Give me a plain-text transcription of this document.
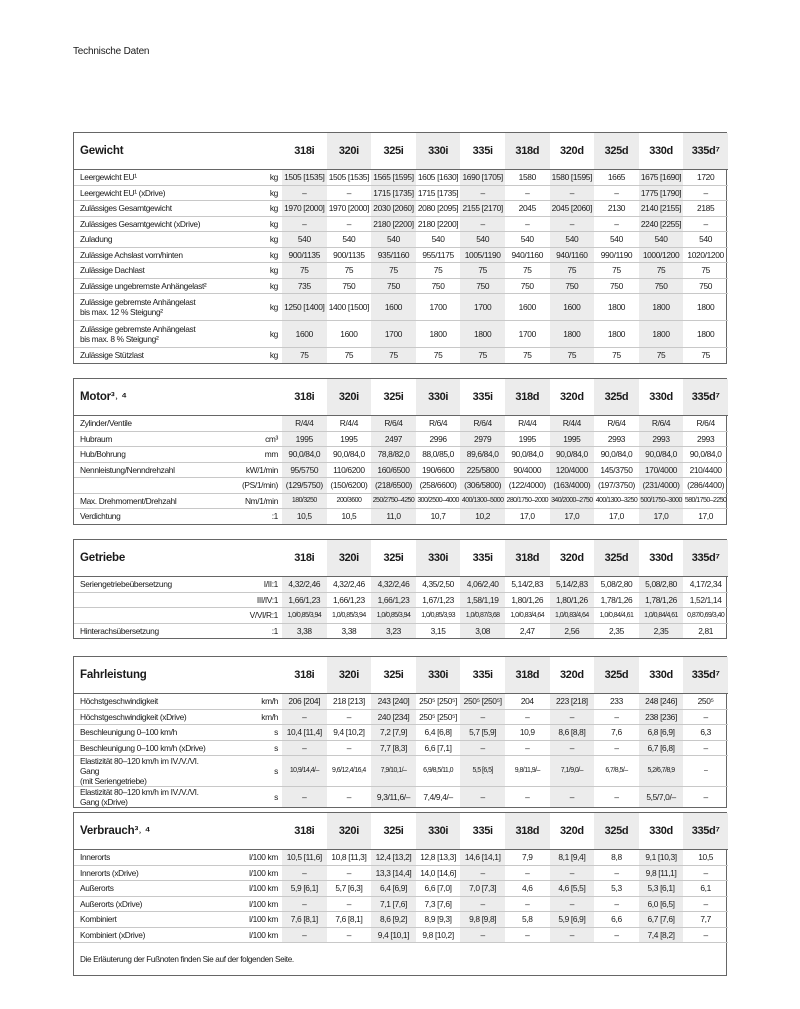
Technische Daten
Gewicht		318i	320i	325i	330i	335i	318d	320d	325d	330d	335d⁷
Leergewicht EU¹	kg	1505 [1535]	1505 [1535]	1565 [1595]	1605 [1630]	1690 [1705]	1580	1580 [1595]	1665	1675 [1690]	1720
Leergewicht EU¹ (xDrive)	kg	–	–	1715 [1735]	1715 [1735]	–	–	–	–	1775 [1790]	–
Zulässiges Gesamtgewicht	kg	1970 [2000]	1970 [2000]	2030 [2060]	2080 [2095]	2155 [2170]	2045	2045 [2060]	2130	2140 [2155]	2185
Zulässiges Gesamtgewicht (xDrive)	kg	–	–	2180 [2200]	2180 [2200]	–	–	–	–	2240 [2255]	–
Zuladung	kg	540	540	540	540	540	540	540	540	540	540
Zulässige Achslast vorn/hinten	kg	900/1135	900/1135	935/1160	955/1175	1005/1190	940/1160	940/1160	990/1190	1000/1200	1020/1200
Zulässige Dachlast	kg	75	75	75	75	75	75	75	75	75	75
Zulässige ungebremste Anhängelast²	kg	735	750	750	750	750	750	750	750	750	750
Zulässige gebremste Anhängelast
bis max. 12 % Steigung²	kg	1250 [1400]	1400 [1500]	1600	1700	1700	1600	1600	1800	1800	1800
Zulässige gebremste Anhängelast
bis max. 8 % Steigung²	kg	1600	1600	1700	1800	1800	1700	1800	1800	1800	1800
Zulässige Stützlast	kg	75	75	75	75	75	75	75	75	75	75
Motor³˒ ⁴		318i	320i	325i	330i	335i	318d	320d	325d	330d	335d⁷
Zylinder/Ventile		R/4/4	R/4/4	R/6/4	R/6/4	R/6/4	R/4/4	R/4/4	R/6/4	R/6/4	R/6/4
Hubraum	cm³	1995	1995	2497	2996	2979	1995	1995	2993	2993	2993
Hub/Bohrung	mm	90,0/84,0	90,0/84,0	78,8/82,0	88,0/85,0	89,6/84,0	90,0/84,0	90,0/84,0	90,0/84,0	90,0/84,0	90,0/84,0
Nennleistung/Nenndrehzahl	kW/1/min	95/5750	110/6200	160/6500	190/6600	225/5800	90/4000	120/4000	145/3750	170/4000	210/4400
	(PS/1/min)	(129/5750)	(150/6200)	(218/6500)	(258/6600)	(306/5800)	(122/4000)	(163/4000)	(197/3750)	(231/4000)	(286/4400)
Max. Drehmoment/Drehzahl	Nm/1/min	180/3250	200/3600	250/2750–4250	300/2500–4000	400/1300–5000	280/1750–2000	340/2000–2750	400/1300–3250	500/1750–3000	580/1750–2250
Verdichtung	:1	10,5	10,5	11,0	10,7	10,2	17,0	17,0	17,0	17,0	17,0
Getriebe		318i	320i	325i	330i	335i	318d	320d	325d	330d	335d⁷
Seriengetriebeübersetzung	I/II:1	4,32/2,46	4,32/2,46	4,32/2,46	4,35/2,50	4,06/2,40	5,14/2,83	5,14/2,83	5,08/2,80	5,08/2,80	4,17/2,34
	III/IV:1	1,66/1,23	1,66/1,23	1,66/1,23	1,67/1,23	1,58/1,19	1,80/1,26	1,80/1,26	1,78/1,26	1,78/1,26	1,52/1,14
	V/VI/R:1	1,0/0,85/3,94	1,0/0,85/3,94	1,0/0,85/3,94	1,0/0,85/3,93	1,0/0,87/3,68	1,0/0,83/4,64	1,0/0,83/4,64	1,0/0,84/4,61	1,0/0,84/4,61	0,87/0,69/3,40
Hinterachsübersetzung	:1	3,38	3,38	3,23	3,15	3,08	2,47	2,56	2,35	2,35	2,81
Fahrleistung		318i	320i	325i	330i	335i	318d	320d	325d	330d	335d⁷
Höchstgeschwindigkeit	km/h	206 [204]	218 [213]	243 [240]	250⁵ [250⁵]	250⁵ [250⁵]	204	223 [218]	233	248 [246]	250⁵
Höchstgeschwindigkeit (xDrive)	km/h	–	–	240 [234]	250⁵ [250⁵]	–	–	–	–	238 [236]	–
Beschleunigung 0–100 km/h	s	10,4 [11,4]	9,4 [10,2]	7,2 [7,9]	6,4 [6,8]	5,7 [5,9]	10,9	8,6 [8,8]	7,6	6,8 [6,9]	6,3
Beschleunigung 0–100 km/h (xDrive)	s	–	–	7,7 [8,3]	6,6 [7,1]	–	–	–	–	6,7 [6,8]	–
Elastizität 80–120 km/h im IV./V./VI. Gang
(mit Seriengetriebe)	s	10,9/14,4/–	9,6/12,4/16,4	7,9/10,1/–	6,9/8,5/11,0	5,5 [6,5]	9,8/11,9/–	7,1/9,0/–	6,7/8,5/–	5,2/6,7/8,9	–
Elastizität 80–120 km/h im IV./V./VI. Gang (xDrive)	s	–	–	9,3/11,6/–	7,4/9,4/–	–	–	–	–	5,5/7,0/–	–
Verbrauch³˒ ⁴		318i	320i	325i	330i	335i	318d	320d	325d	330d	335d⁷
Innerorts	l/100 km	10,5 [11,6]	10,8 [11,3]	12,4 [13,2]	12,8 [13,3]	14,6 [14,1]	7,9	8,1 [9,4]	8,8	9,1 [10,3]	10,5
Innerorts (xDrive)	l/100 km	–	–	13,3 [14,4]	14,0 [14,6]	–	–	–	–	9,8 [11,1]	–
Außerorts	l/100 km	5,9 [6,1]	5,7 [6,3]	6,4 [6,9]	6,6 [7,0]	7,0 [7,3]	4,6	4,6 [5,5]	5,3	5,3 [6,1]	6,1
Außerorts (xDrive)	l/100 km	–	–	7,1 [7,6]	7,3 [7,6]	–	–	–	–	6,0 [6,5]	–
Kombiniert	l/100 km	7,6 [8,1]	7,6 [8,1]	8,6 [9,2]	8,9 [9,3]	9,8 [9,8]	5,8	5,9 [6,9]	6,6	6,7 [7,6]	7,7
Kombiniert (xDrive)	l/100 km	–	–	9,4 [10,1]	9,8 [10,2]	–	–	–	–	7,4 [8,2]	–
Die Erläuterung der Fußnoten finden Sie auf der folgenden Seite.											
